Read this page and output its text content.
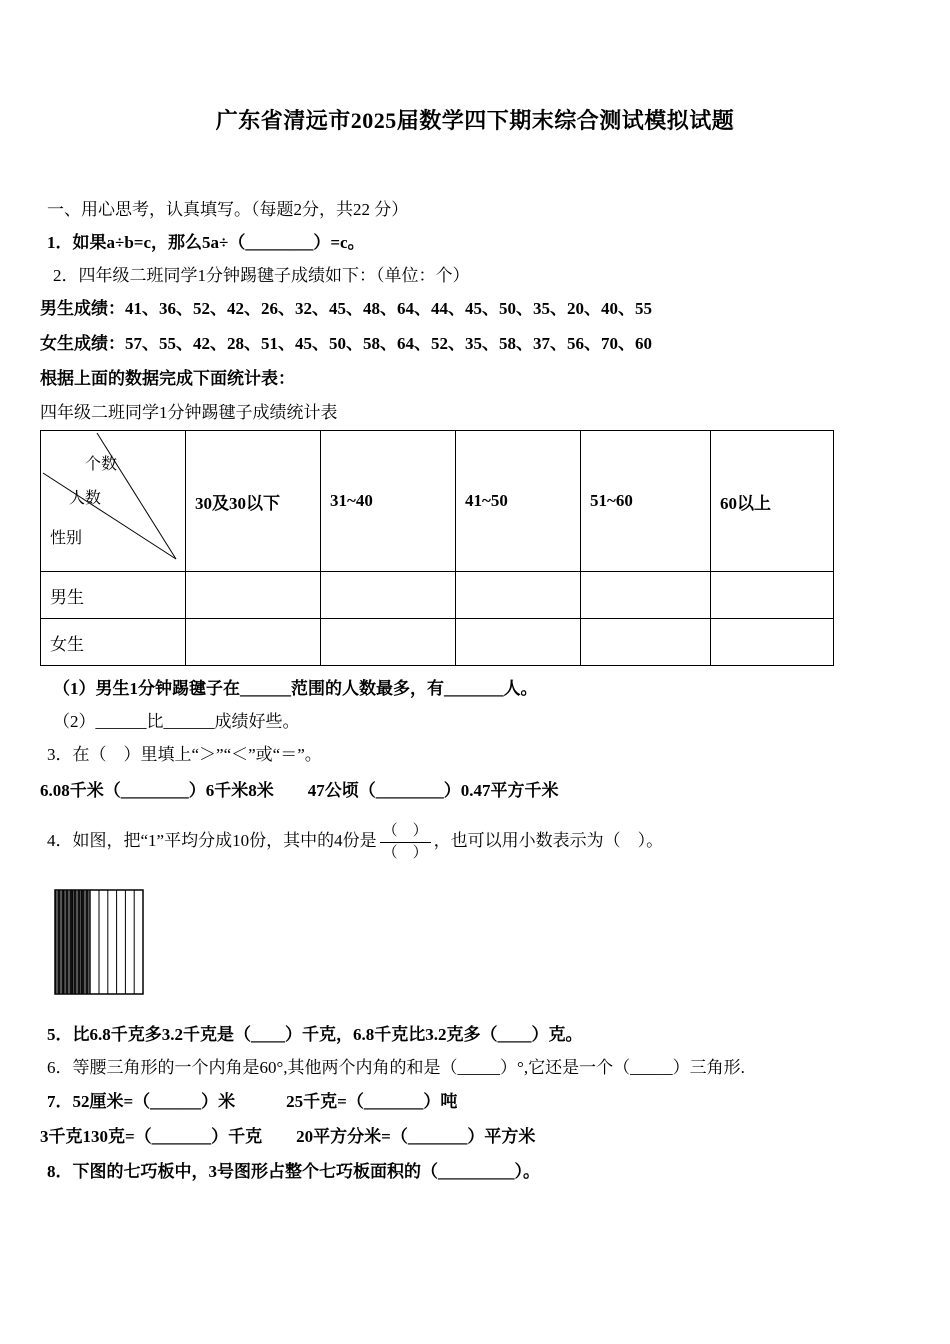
广东省清远市2025届数学四下期末综合测试模拟试题

一、用心思考，认真填写。（每题2分，共22 分）

1．如果a÷b=c，那么5a÷（________）=c。

2．四年级二班同学1分钟踢毽子成绩如下：（单位：个）

男生成绩：41、36、52、42、26、32、45、48、64、44、45、50、35、20、40、55

女生成绩：57、55、42、28、51、45、50、58、64、52、35、58、37、56、70、60

根据上面的数据完成下面统计表：

四年级二班同学1分钟踢毽子成绩统计表

个数
人数
性别	30及30以下	31~40	41~50	51~60	60以上
男生					
女生					

（1）男生1分钟踢毽子在______范围的人数最多，有_______人。

（2）______比______成绩好些。

3．在（　）里填上“＞”“＜”或“＝”。

6.08千米（________）6千米8米　　47公顷（________）0.47平方千米

4．如图，把“1”平均分成10份，其中的4份是 $\frac{( )}{( )}$ ，也可以用小数表示为（　）。

5．比6.8千克多3.2千克是（____）千克，6.8千克比3.2克多（____）克。

6．等腰三角形的一个内角是60°,其他两个内角的和是（_____）°,它还是一个（_____）三角形.

7．52厘米=（______）米　　　25千克=（_______）吨

3千克130克=（_______）千克　　20平方分米=（_______）平方米

8．下图的七巧板中，3号图形占整个七巧板面积的（_________）。
